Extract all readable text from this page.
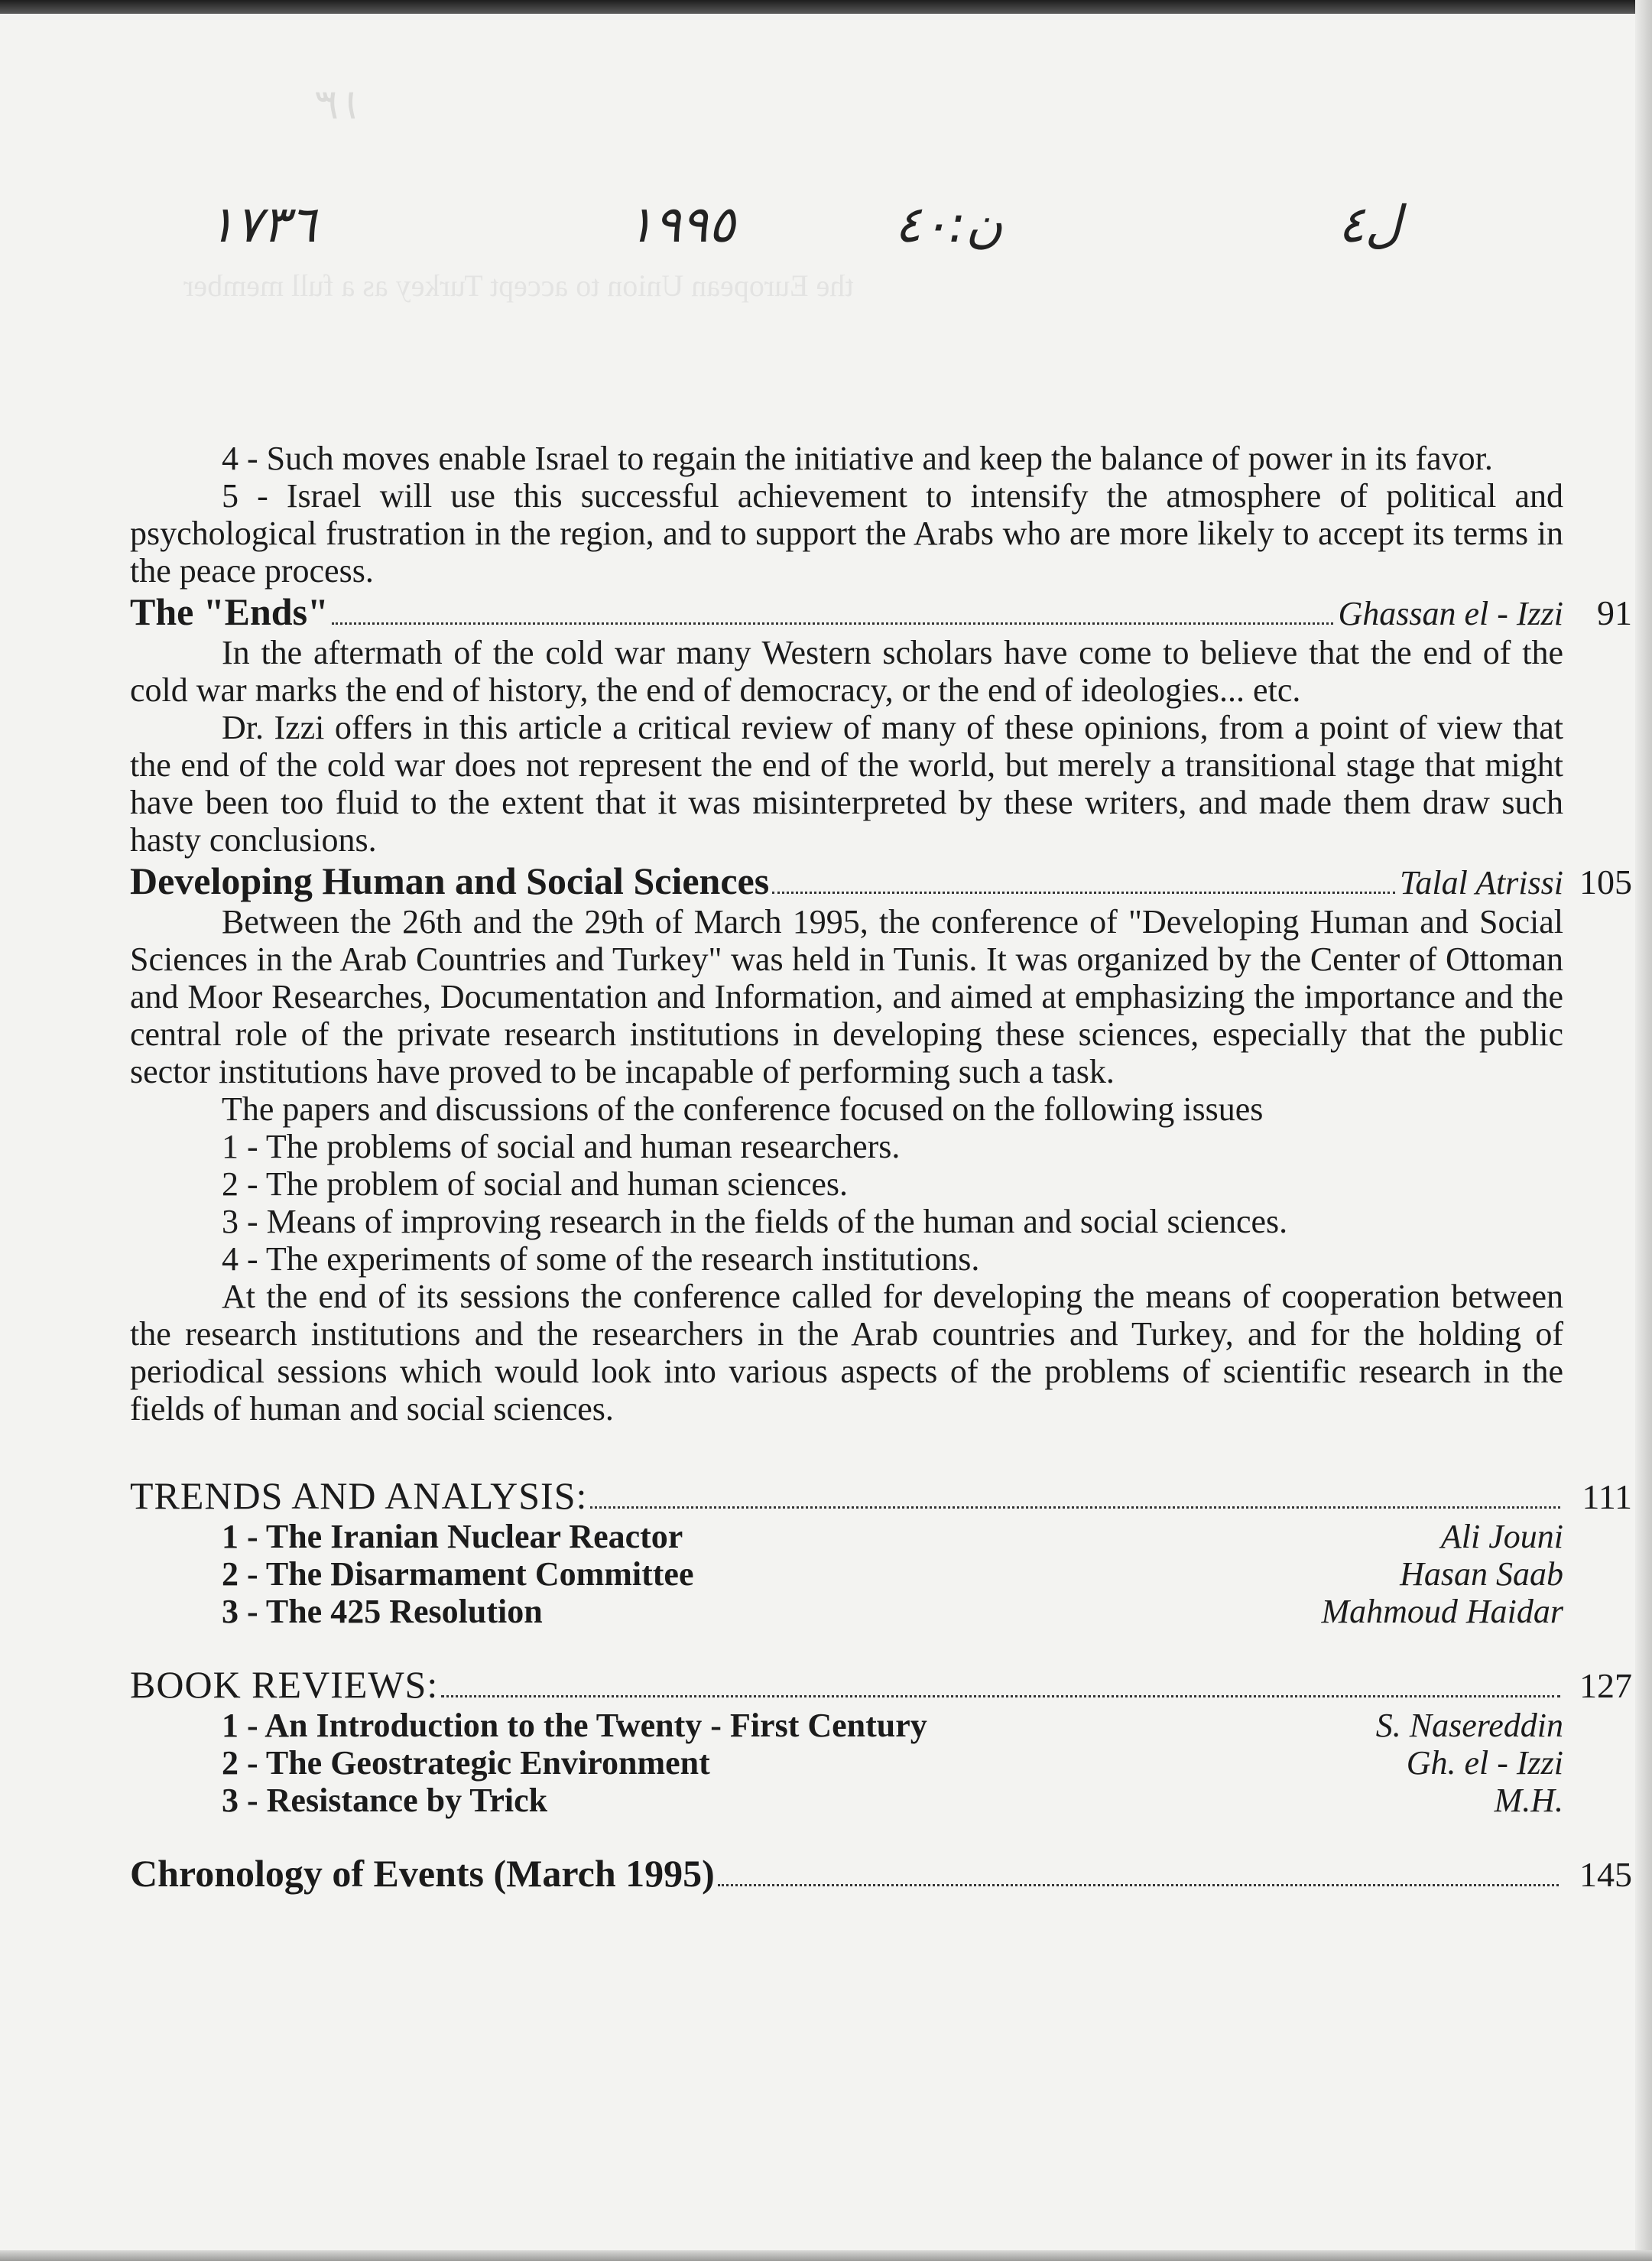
the European Union to accept Turkey as a full member
١٣
١٧٣٦	١٩٩٥	ن:٤٠	ل٤

4 - Such moves enable Israel to regain the initiative and keep the balance of power in its favor.

5 - Israel will use this successful achievement to intensify the atmosphere of political and psychological frustration in the region, and to support the Arabs who are more likely to accept its terms in the peace process.

The "Ends"	Ghassan el - Izzi 91

In the aftermath of the cold war many Western scholars have come to believe that the end of the cold war marks the end of history, the end of democracy, or the end of ideologies... etc.

Dr. Izzi offers in this article a critical review of many of these opinions, from a point of view that the end of the cold war does not represent the end of the world, but merely a transitional stage that might have been too fluid to the extent that it was misinterpreted by these writers, and made them draw such hasty conclusions.

Developing Human and Social Sciences	Talal Atrissi 105

Between the 26th and the 29th of March 1995, the conference of "Developing Human and Social Sciences in the Arab Countries and Turkey" was held in Tunis. It was organized by the Center of Ottoman and Moor Researches, Documentation and Information, and aimed at emphasizing the importance and the central role of the private research institutions in developing these sciences, especially that the public sector institutions have proved to be incapable of performing such a task.

The papers and discussions of the conference focused on the following issues

1 - The problems of social and human researchers.
2 - The problem of social and human sciences.
3 - Means of improving research in the fields of the human and social sciences.
4 - The experiments of some of the research institutions.

At the end of its sessions the conference called for developing the means of cooperation between the research institutions and the researchers in the Arab countries and Turkey, and for the holding of periodical sessions which would look into various aspects of the problems of scientific research in the fields of human and social sciences.

TRENDS AND ANALYSIS:	111
1 - The Iranian Nuclear Reactor	Ali Jouni
2 - The Disarmament Committee	Hasan Saab
3 - The 425 Resolution	Mahmoud Haidar
BOOK REVIEWS:	127
1 - An Introduction to the Twenty - First Century	S. Nasereddin
2 - The Geostrategic Environment	Gh. el - Izzi
3 - Resistance by Trick	M.H.
Chronology of Events (March 1995)	145
